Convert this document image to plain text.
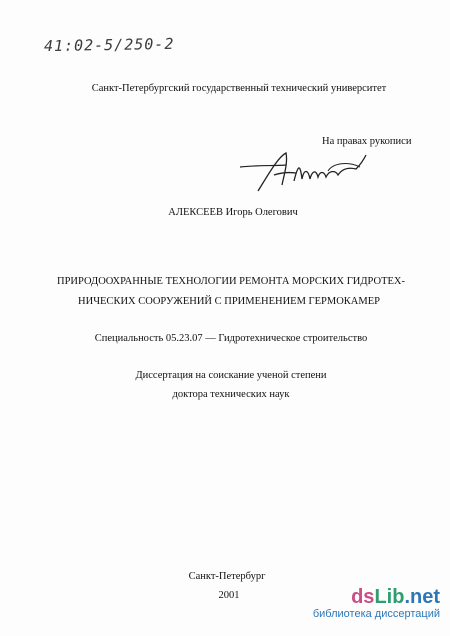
41:02-5/250-2
Санкт-Петербургский государственный технический университет
На правах рукописи
АЛЕКСЕЕВ Игорь Олегович
ПРИРОДООХРАННЫЕ ТЕХНОЛОГИИ РЕМОНТА МОРСКИХ ГИДРОТЕХ-
НИЧЕСКИХ СООРУЖЕНИЙ С ПРИМЕНЕНИЕМ ГЕРМОКАМЕР
Специальность 05.23.07 — Гидротехническое строительство
Диссертация на соискание ученой степени
доктора технических наук
Санкт-Петербург
2001	dsLib.net
библиотека диссертаций
